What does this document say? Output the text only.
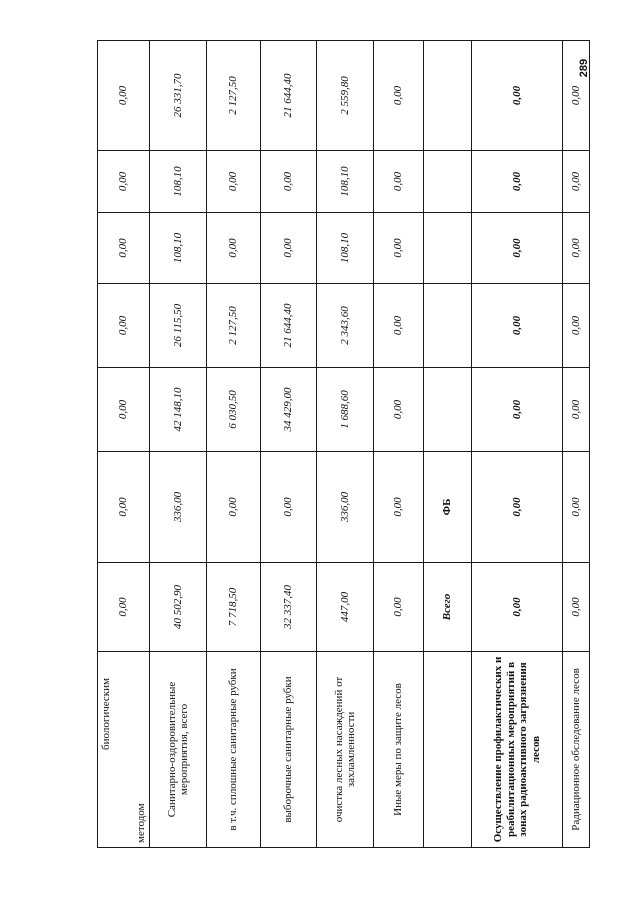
биологическим
методом	0,00	0,00	0,00	0,00	0,00	0,00	0,00

Санитарно-оздоровительные мероприятия, всего	40 502,90	336,00	42 148,10	26 115,50	108,10	108,10	26 331,70

в т.ч. сплошные санитарные рубки	7 718,50	0,00	6 030,50	2 127,50	0,00	0,00	2 127,50

выборочные санитарные рубки	32 337,40	0,00	34 429,00	21 644,40	0,00	0,00	21 644,40

очистка лесных насаждений от захламленности	447,00	336,00	1 688,60	2 343,60	108,10	108,10	2 559,80
Иные меры по защите лесов	0,00	0,00	0,00	0,00	0,00	0,00	0,00
	Всего	ФБ					
Осуществление профилактических и реабилитационных мероприятий в зонах радиоактивного загрязнения лесов	0,00	0,00	0,00	0,00	0,00	0,00	0,00

Радиационное обследование лесов	0,00	0,00	0,00	0,00	0,00	0,00	0,00
289
